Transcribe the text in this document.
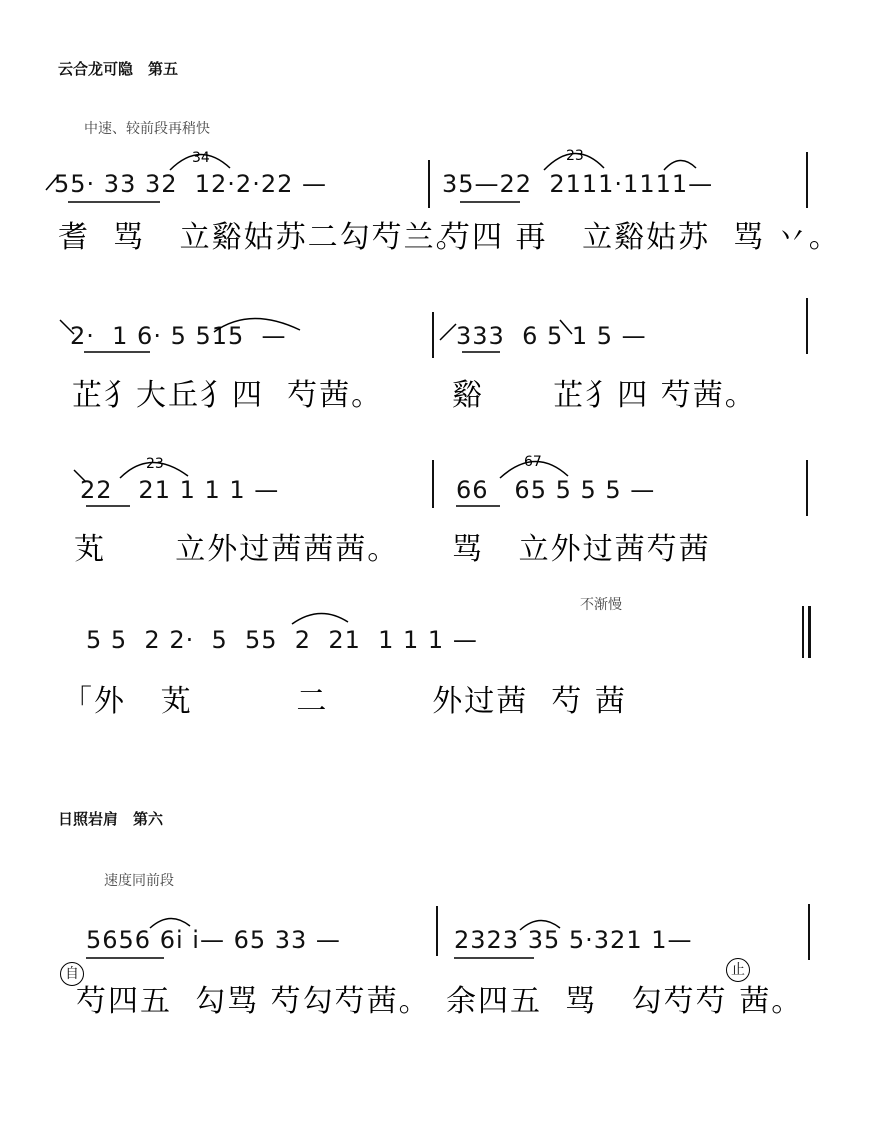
云合龙可隐　第五
中速、较前段再稍快
55· 33 32  12·2·22 —	35—22  2111·1111—
34	23
耆  骂   立谿姑苏二勾芍兰。
芍四 再   立谿姑苏  骂 丷。
2·  1 6· 5 515  —	333  6 5 1 5 —
芷犭大丘犭四  芍茜。 谿      芷犭四 芍茜。
22   21 1 1 1 —	66   65 5 5 5 —
23	67
芄      立外过茜茜茜。 骂   立外过茜芍茜
不渐慢
5 5  2 2·  5  55  2  21  1 1 1 —
「外   芄         二         外过茜  芍 茜
日照岩肩　第六
速度同前段
5656 6i i— 65 33 —	2323 35 5·321 1—
芍四五  勾骂 芍勾芍茜。 余四五  骂   勾芍芍 茜。
自	止
